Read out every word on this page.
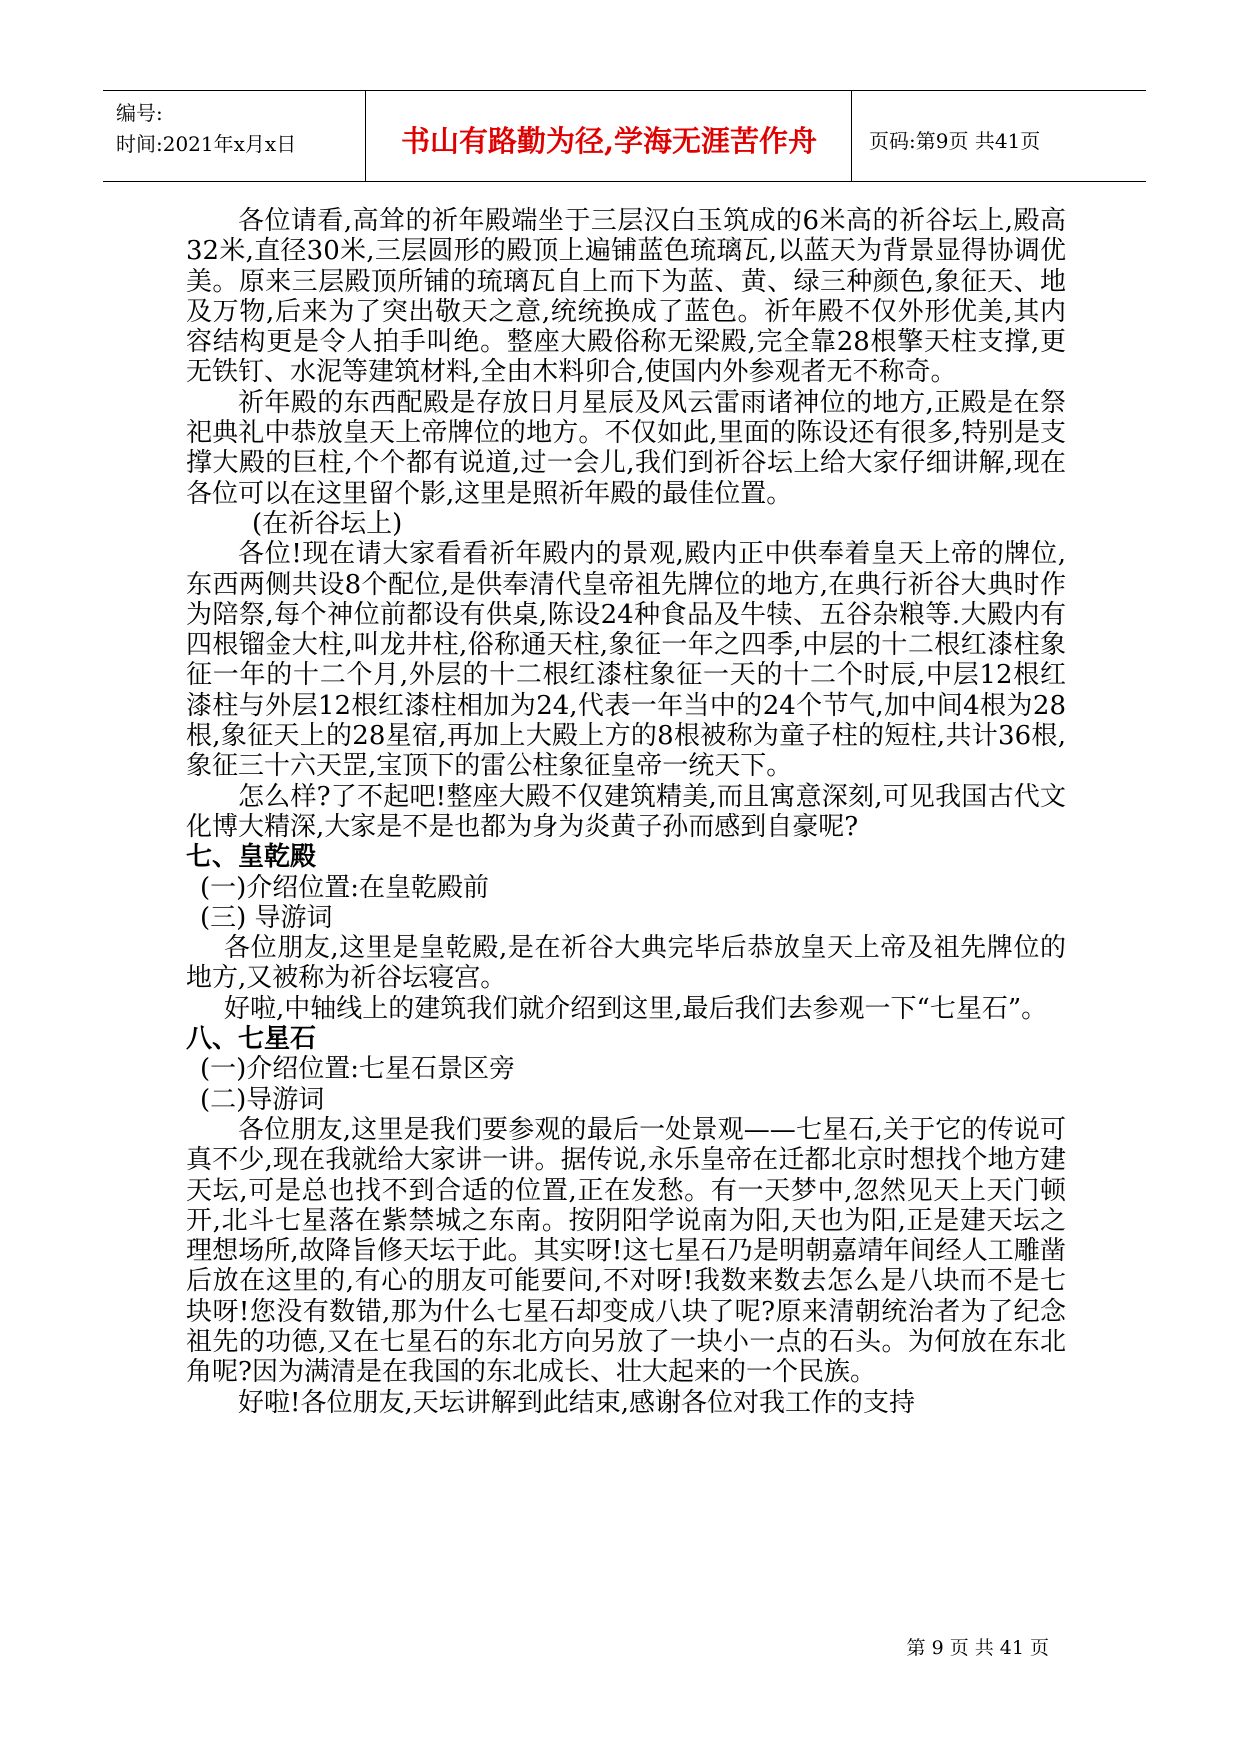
编号:
时间:2021年x月x日	书山有路勤为径,学海无涯苦作舟	页码:第9页 共41页

各位请看,高耸的祈年殿端坐于三层汉白玉筑成的6米高的祈谷坛上,殿高32米,直径30米,三层圆形的殿顶上遍铺蓝色琉璃瓦,以蓝天为背景显得协调优美。原来三层殿顶所铺的琉璃瓦自上而下为蓝、黄、绿三种颜色,象征天、地及万物,后来为了突出敬天之意,统统换成了蓝色。祈年殿不仅外形优美,其内容结构更是令人拍手叫绝。整座大殿俗称无梁殿,完全靠28根擎天柱支撑,更无铁钉、水泥等建筑材料,全由木料卯合,使国内外参观者无不称奇。

祈年殿的东西配殿是存放日月星辰及风云雷雨诸神位的地方,正殿是在祭祀典礼中恭放皇天上帝牌位的地方。不仅如此,里面的陈设还有很多,特别是支撑大殿的巨柱,个个都有说道,过一会儿,我们到祈谷坛上给大家仔细讲解,现在各位可以在这里留个影,这里是照祈年殿的最佳位置。

(在祈谷坛上)

各位!现在请大家看看祈年殿内的景观,殿内正中供奉着皇天上帝的牌位,东西两侧共设8个配位,是供奉清代皇帝祖先牌位的地方,在典行祈谷大典时作为陪祭,每个神位前都设有供桌,陈设24种食品及牛犊、五谷杂粮等.大殿内有四根镏金大柱,叫龙井柱,俗称通天柱,象征一年之四季,中层的十二根红漆柱象征一年的十二个月,外层的十二根红漆柱象征一天的十二个时辰,中层12根红漆柱与外层12根红漆柱相加为24,代表一年当中的24个节气,加中间4根为28根,象征天上的28星宿,再加上大殿上方的8根被称为童子柱的短柱,共计36根,象征三十六天罡,宝顶下的雷公柱象征皇帝一统天下。

怎么样?了不起吧!整座大殿不仅建筑精美,而且寓意深刻,可见我国古代文化博大精深,大家是不是也都为身为炎黄子孙而感到自豪呢?

七、皇乾殿

(一)介绍位置:在皇乾殿前

(三) 导游词

各位朋友,这里是皇乾殿,是在祈谷大典完毕后恭放皇天上帝及祖先牌位的地方,又被称为祈谷坛寝宫。

好啦,中轴线上的建筑我们就介绍到这里,最后我们去参观一下“七星石”。

八、七星石

(一)介绍位置:七星石景区旁

(二)导游词

各位朋友,这里是我们要参观的最后一处景观——七星石,关于它的传说可真不少,现在我就给大家讲一讲。据传说,永乐皇帝在迁都北京时想找个地方建天坛,可是总也找不到合适的位置,正在发愁。有一天梦中,忽然见天上天门顿开,北斗七星落在紫禁城之东南。按阴阳学说南为阳,天也为阳,正是建天坛之理想场所,故降旨修天坛于此。其实呀!这七星石乃是明朝嘉靖年间经人工雕凿后放在这里的,有心的朋友可能要问,不对呀!我数来数去怎么是八块而不是七块呀!您没有数错,那为什么七星石却变成八块了呢?原来清朝统治者为了纪念祖先的功德,又在七星石的东北方向另放了一块小一点的石头。为何放在东北角呢?因为满清是在我国的东北成长、壮大起来的一个民族。

好啦!各位朋友,天坛讲解到此结束,感谢各位对我工作的支持

第 9 页 共 41 页
